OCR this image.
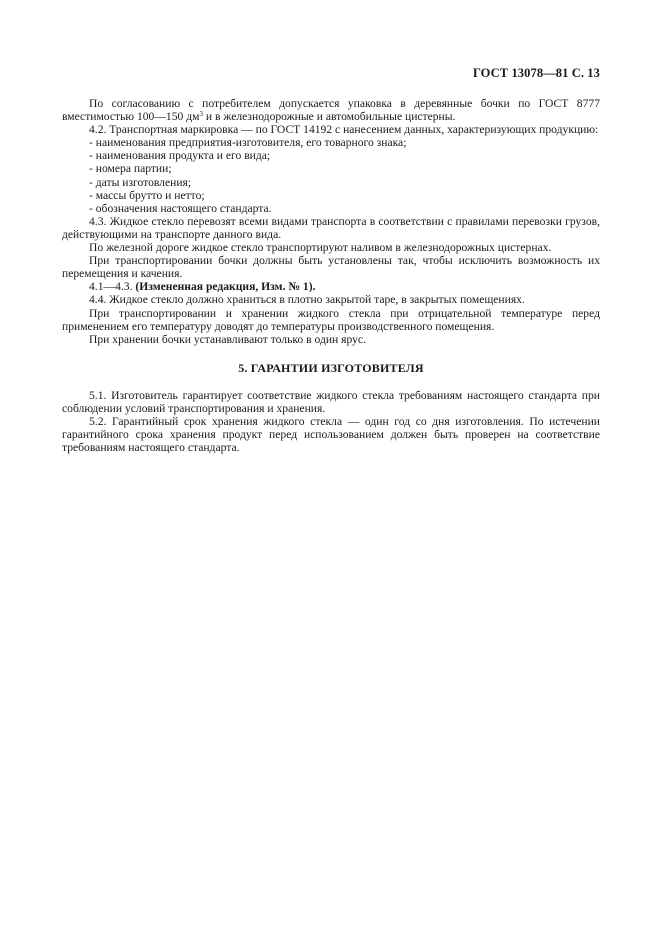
ГОСТ 13078—81 С. 13

По согласованию с потребителем допускается упаковка в деревянные бочки по ГОСТ 8777 вместимостью 100—150 $дм^3$ и в железнодорожные и автомобильные цистерны.

4.2. Транспортная маркировка — по ГОСТ 14192 с нанесением данных, характеризующих продукцию:

- наименования предприятия-изготовителя, его товарного знака;

- наименования продукта и его вида;

- номера партии;

- даты изготовления;

- массы брутто и нетто;

- обозначения настоящего стандарта.

4.3. Жидкое стекло перевозят всеми видами транспорта в соответствии с правилами перевозки грузов, действующими на транспорте данного вида.

По железной дороге жидкое стекло транспортируют наливом в железнодорожных цистернах.

При транспортировании бочки должны быть установлены так, чтобы исключить возможность их перемещения и качения.

4.1—4.3. (Измененная редакция, Изм. № 1).

4.4. Жидкое стекло должно храниться в плотно закрытой таре, в закрытых помещениях.

При транспортировании и хранении жидкого стекла при отрицательной температуре перед применением его температуру доводят до температуры производственного помещения.

При хранении бочки устанавливают только в один ярус.

5. ГАРАНТИИ ИЗГОТОВИТЕЛЯ

5.1. Изготовитель гарантирует соответствие жидкого стекла требованиям настоящего стандарта при соблюдении условий транспортирования и хранения.

5.2. Гарантийный срок хранения жидкого стекла — один год со дня изготовления. По истечении гарантийного срока хранения продукт перед использованием должен быть проверен на соответствие требованиям настоящего стандарта.
